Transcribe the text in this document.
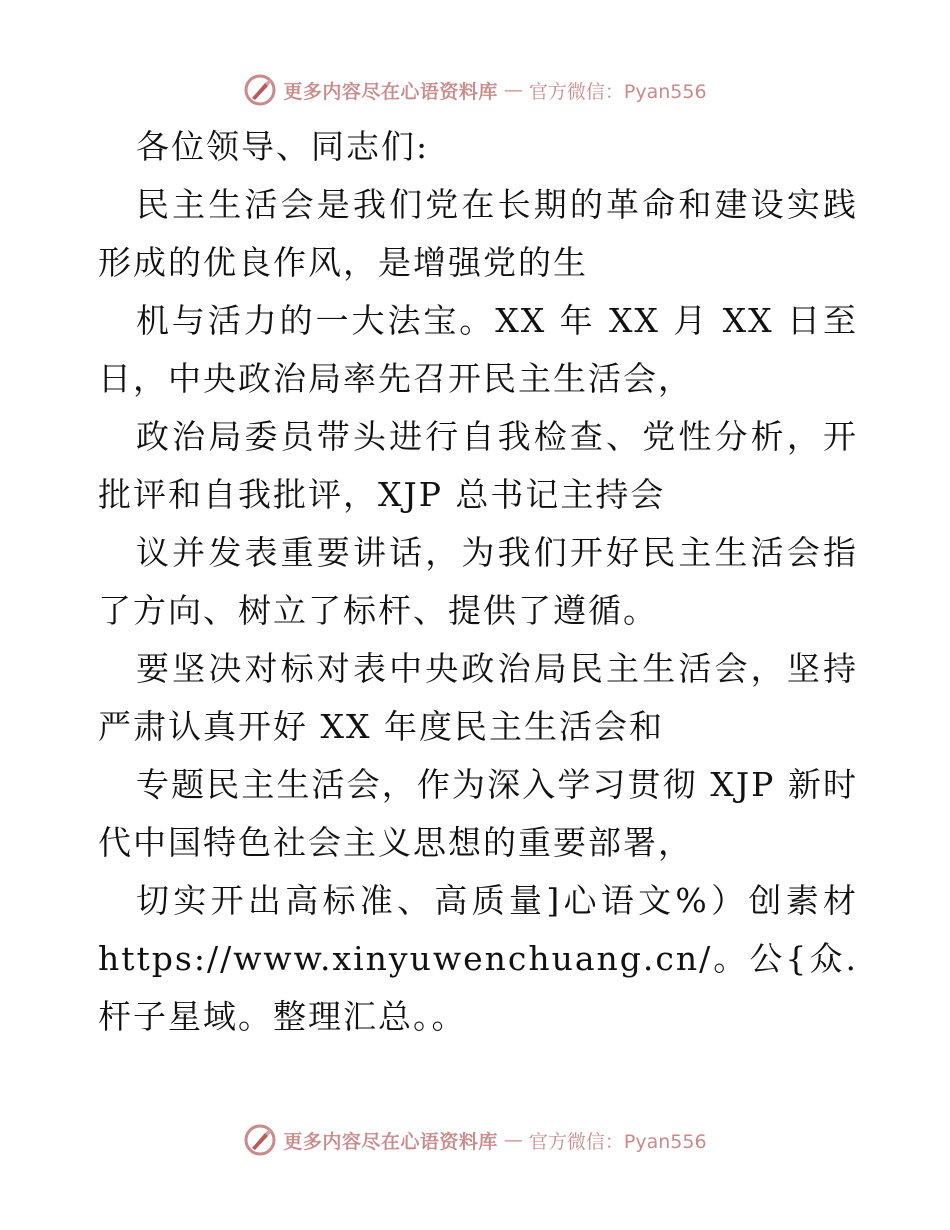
更多内容尽在心语资料库 — 官方微信：Pyan556
各位领导、同志们:
民主生活会是我们党在长期的革命和建设实践
形成的优良作风，是增强党的生
机与活力的一大法宝。XX 年 XX 月 XX 日至
日，中央政治局率先召开民主生活会，
政治局委员带头进行自我检查、党性分析，开
批评和自我批评，XJP 总书记主持会
议并发表重要讲话，为我们开好民主生活会指
了方向、树立了标杆、提供了遵循。
要坚决对标对表中央政治局民主生活会，坚持
严肃认真开好 XX 年度民主生活会和
专题民主生活会，作为深入学习贯彻 XJP 新时
代中国特色社会主义思想的重要部署，
切实开出高标准、高质量]心语文%）创素材
https://www.xinyuwenchuang.cn/。公{众.
杆子星域。整理汇总。。
更多内容尽在心语资料库 — 官方微信：Pyan556
